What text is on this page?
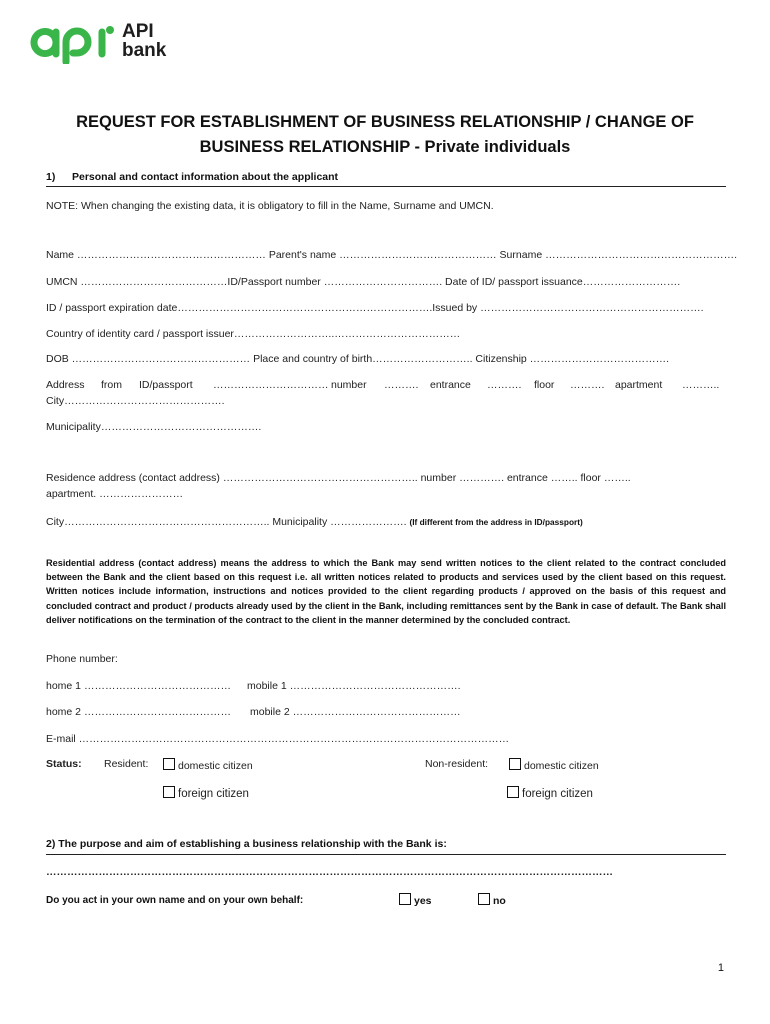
API
bank
REQUEST FOR ESTABLISHMENT OF BUSINESS RELATIONSHIP / CHANGE OF
BUSINESS RELATIONSHIP - Private individuals
1) Personal and contact information about the applicant
NOTE: When changing the existing data, it is obligatory to fill in the Name, Surname and UMCN.
Name ……………………………………………… Parent's name ……………………………………… Surname ……………………………………………….
UMCN ……………………………………ID/Passport number ……………………………. Date of ID/ passport issuance……………………….
ID / passport expiration date……………………………………………………………….Issued by ……………………………………………………….
Country of identity card / passport issuer………………………..………………………………
DOB …………………………………………… Place and country of birth……………………….. Citizenship ………………………………….
Address from ID/passport …………………………… number ………. entrance ………. floor ………. apartment ………..
City……………………………………….
Municipality……………………………………….
Residence address (contact address) ……………………………………………….. number …………. entrance …….. floor ……..
apartment. ……………………
City………………………………………………….. Municipality …………………. (If different from the address in ID/passport)
Residential address (contact address) means the address to which the Bank may send written notices to the client related to the contract concluded between the Bank and the client based on this request i.e. all written notices related to products and services used by the client based on this request. Written notices include information, instructions and notices provided to the client regarding products / approved on the basis of this request and concluded contract and product / products already used by the client in the Bank, including remittances sent by the Bank in case of default. The Bank shall deliver notifications on the termination of the contract to the client in the manner determined by the concluded contract.
Phone number:
home 1 …………………………………… mobile 1 ………………………………………….
home 2 …………………………………… mobile 2 …………………………………………
E-mail ……………………………………………………………………………………………………………
Status: Resident:	domestic citizen	Non-resident:	domestic citizen
foreign citizen	foreign citizen
2) The purpose and aim of establishing a business relationship with the Bank is:
………………………………………………………………………………………………………………………………………………
Do you act in your own name and on your own behalf:	yes	no
1
